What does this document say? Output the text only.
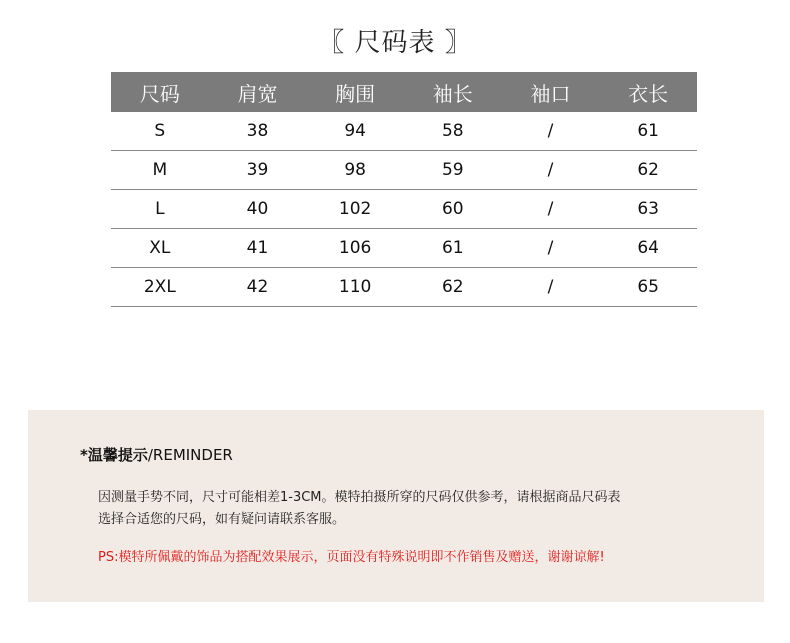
〖 尺码表 〗
尺码	肩宽	胸围	袖长	袖口	衣长
S	38	94	58	/	61
M	39	98	59	/	62
L	40	102	60	/	63
XL	41	106	61	/	64
2XL	42	110	62	/	65
*温馨提示/REMINDER
因测量手势不同，尺寸可能相差1-3CM。模特拍摄所穿的尺码仅供参考，请根据商品尺码表
选择合适您的尺码，如有疑问请联系客服。
PS:模特所佩戴的饰品为搭配效果展示，页面没有特殊说明即不作销售及赠送，谢谢谅解!
